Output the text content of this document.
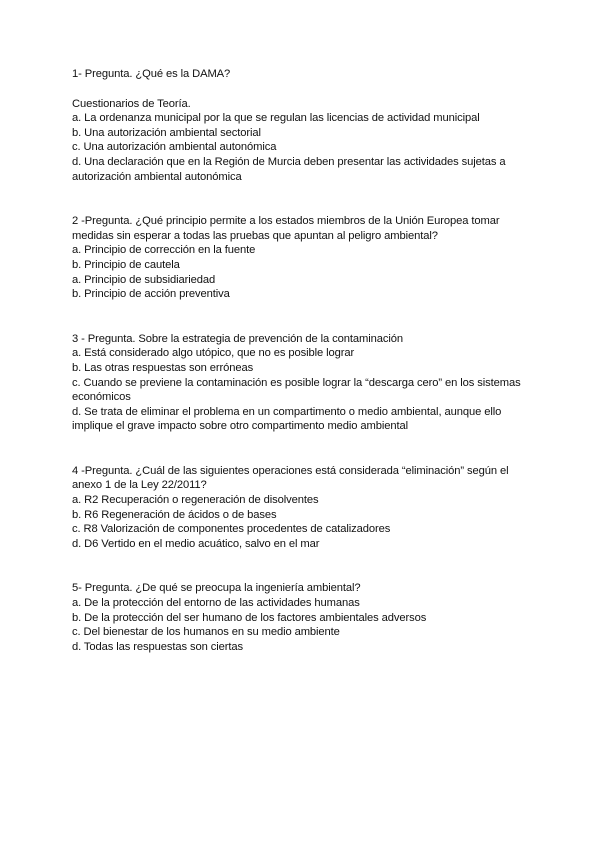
1- Pregunta. ¿Qué es la DAMA?
Cuestionarios de Teoría.
a. La ordenanza municipal por la que se regulan las licencias de actividad municipal
b. Una autorización ambiental sectorial
c. Una autorización ambiental autonómica
d. Una declaración que en la Región de Murcia deben presentar las actividades sujetas a autorización ambiental autonómica
2 -Pregunta. ¿Qué principio permite a los estados miembros de la Unión Europea tomar medidas sin esperar a todas las pruebas que apuntan al peligro ambiental?
a. Principio de corrección en la fuente
b. Principio de cautela
a. Principio de subsidiariedad
b. Principio de acción preventiva
3 - Pregunta. Sobre la estrategia de prevención de la contaminación
a. Está considerado algo utópico, que no es posible lograr
b. Las otras respuestas son erróneas
c. Cuando se previene la contaminación es posible lograr la “descarga cero” en los sistemas económicos
d. Se trata de eliminar el problema en un compartimento o medio ambiental, aunque ello implique el grave impacto sobre otro compartimento medio ambiental
4 -Pregunta. ¿Cuál de las siguientes operaciones está considerada “eliminación” según el anexo 1 de la Ley 22/2011?
a. R2 Recuperación o regeneración de disolventes
b. R6 Regeneración de ácidos o de bases
c. R8 Valorización de componentes procedentes de catalizadores
d. D6 Vertido en el medio acuático, salvo en el mar
5- Pregunta. ¿De qué se preocupa la ingeniería ambiental?
a. De la protección del entorno de las actividades humanas
b. De la protección del ser humano de los factores ambientales adversos
c. Del bienestar de los humanos en su medio ambiente
d. Todas las respuestas son ciertas
